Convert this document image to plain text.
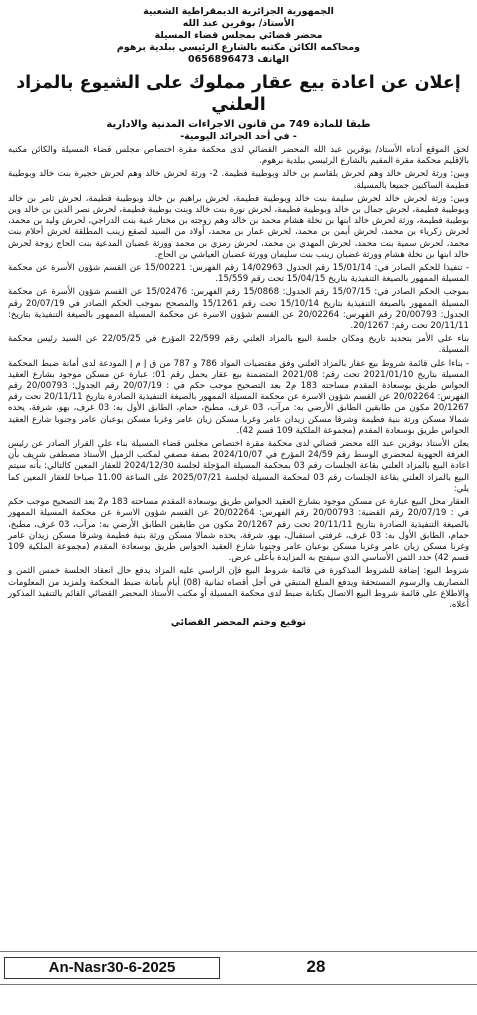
الجمهورية الجزائرية الديمقراطية الشعبية
الأستاذ/ بوقرين عبد الله
محضر قضائي بمجلس قضاء المسيلة
ومحاكمه الكائن مكتبه بالشارع الرئيسي ببلدية برهوم
الهاتف 0656896473
إعلان عن اعادة بيع عقار مملوك على الشيوع بالمزاد العلني
طبقا للمادة 749 من قانون الاجراءات المدنية والادارية
- في أحد الجرائد اليومية-

لحق الموقع أدناه الأستاذ/ بوقرين عبد الله المحضر القضائي لدى محكمة مقرة اختصاص مجلس قضاء المسيلة والكائن مكتبه بالإقليم محكمة مقرة المقيم بالشارع الرئيسي ببلدية برهوم.

وبين: ورثة لحرش خالد وهم لحرش بلقاسم بن خالد وبوطيبة فطيمة. 2- ورثة لحرش خالد وهم لحرش حجيرة بنت خالد وبوطيبة فطيمة الساكنين جميعا بالمسيلة.

وبين: ورثة لحرش خالد لحرش سليمة بنت خالد وبوطيبة فطيمة، لحرش براهيم بن خالد وبوطيبة فطيمة، لحرش ثامر بن خالد وبوطيبة فطيمة، لحرش جمال بن خالد وبوطيبة فطيمة، لحرش نورة بنت خالد وبنت بوطيبة فطيمة، لحرش نصر الدين بن خالد وبن بوطيبة فطيمة، ورثة لحرش خالد ابنها بن نخلة هشام محمد بن خالد وهم زوجته بن مختار غنية بنت الدراجي، لحرش وليد بن محمد، لحرش زكرياء بن محمد، لحرش أيمن بن محمد، لحرش عمار بن محمد، أولاد من السيد لصقع زينب المطلقة لحرش أحلام بنت محمد، لحرش سمية بنت محمد، لحرش المهدي بن محمد، لحرش رمزي بن محمد وورثة غضبان المدعية بنت الحاج زوجة لحرش خالد ابنها بن نخلة هشام وورثة غضبان زينب بنت سليمان وورثة غضبان العياشي بن الحاج.

- تنفيذا للحكم الصادر في: 15/01/14 رقم الجدول 14/02963 رقم الفهرس: 15/00221 عن القسم شؤون الأسرة عن محكمة المسيلة الممهور بالصيغة التنفيذية بتاريخ 15/04/15 تحت رقم 15/559.

بموجب الحكم الصادر في: 15/07/15 رقم الجدول: 15/0868 رقم الفهرس: 15/02476 عن القسم شؤون الأسرة عن محكمة المسيلة الممهور بالصيغة التنفيذية بتاريخ 15/10/14 تحت رقم 15/1261 والمصحح بموجب الحكم الصادر في 20/07/19 رقم الجدول: 20/00793 رقم الفهرس: 20/02264 عن القسم شؤون الاسرة عن محكمة المسيلة الممهور بالصيغة التنفيذية بتاريخ: 20/11/11 تحت رقم: 20/1267.

بناء على الأمر بتحديد تاريخ ومكان جلسة البيع بالمزاد العلني رقم 22/599 المؤرخ في 22/05/25 عن السيد رئيس محكمة المسيلة.

- بناءا على قائمة شروط بيع عقار بالمزاد العلني وفق مقتضيات المواد 786 و 787 من ق إ م إ المودعة لدى أمانة ضبط المحكمة المسيلة بتاريخ 2021/01/10 تحت رقم: 2021/08 المتضمنة بيع عقار يحمل رقم 01: عبارة عن مسكن موجود بشارع العقيد الحواس طريق بوسعادة المقدم مساحته 183 م2 بعد التصحيح موجب حكم في : 20/07/19 رقم الجدول: 20/00793 رقم الفهرس: 20/02264 عن القسم شؤون الاسرة عن محكمة المسيلة الممهور بالصيغة التنفيذية الصادرة بتاريخ 20/11/11 تحت رقم 20/1267 مكون من طابقين الطابق الأرضي به: مرآب، 03 غرف، مطبخ، حمام، الطابق الأول به: 03 غرف، بهو، شرفة، يحده شمالا مسكن ورثة بنية فطيمة وشرقا مسكن زيدان عامر وغربا مسكن زيان عامر وغربا مسكن بوعبان عامر وجنوبا شارع العقيد الحواس طريق بوسعادة المقدم (مجموعة الملكية 109 قسم 42).

يعلن الأستاذ بوقرين عبد الله محضر قضائي لدى محكمة مقرة اختصاص مجلس قضاء المسيلة بناء على القرار الصادر عن رئيس الغرفة الجهوية لمحضري الوسط رقم 24/59 المؤرخ في 2024/10/07 بصفة مصفي لمكتب الزميل الأستاذ مصطفى شريف بأن اعادة البيع بالمزاد العلني بقاعة الجلسات رقم 03 بمحكمة المسيلة المؤجلة لجلسة 2024/12/30 للعقار المعين كالتالي: بأنه سيتم البيع بالمزاد العلني بقاعة الجلسات رقم 03 لمحكمة المسيلة لجلسة 2025/07/21 على الساعة 11.00 صباحا للعقار المعين كما يلي:

العقار محل البيع عبارة عن مسكن موجود بشارع العقيد الحواس طريق بوسعادة المقدم مساحته 183 م2 بعد التصحيح موجب حكم في : 20/07/19 رقم القضية: 20/00793 رقم الفهرس: 20/02264 عن القسم شؤون الاسرة عن محكمة المسيلة الممهور بالصيغة التنفيذية الصادرة بتاريخ 20/11/11 تحت رقم 20/1267 مكون من طابقين الطابق الأرضي به: مرآب، 03 غرف، مطبخ، حمام، الطابق الأول به: 03 غرف، غرفتي استقبال، بهو، شرفة، يحده شمالا مسكن ورثة بنية فطيمة وشرقا مسكن زيدان عامر وغربا مسكن زيان عامر وغربا مسكن بوعبان عامر وجنوبا شارع العقيد الحواس طريق بوسعادة المقدم (مجموعة الملكية 109 قسم 42) حدد الثمن الأساسي الذي سيفتح به المزايدة بأعلى عرض.

شروط البيع: إضافة للشروط المذكورة في قائمة شروط البيع فإن الراسي عليه المزاد يدفع حال انعقاد الجلسة خمس الثمن و المصاريف والرسوم المستحقة ويدفع المبلغ المتبقي في أجل أقصاه ثمانية (08) أيام بأمانة ضبط المحكمة ولمزيد من المعلومات والاطلاع على قائمة شروط البيع الاتصال بكتابة ضبط لدى محكمة المسيلة أو مكتب الأستاذ المحضر القضائي القائم بالتنفيذ المذكور أعلاه.

توقيع وختم المحضر القضائي
An-Nasr30-6-2025	28
